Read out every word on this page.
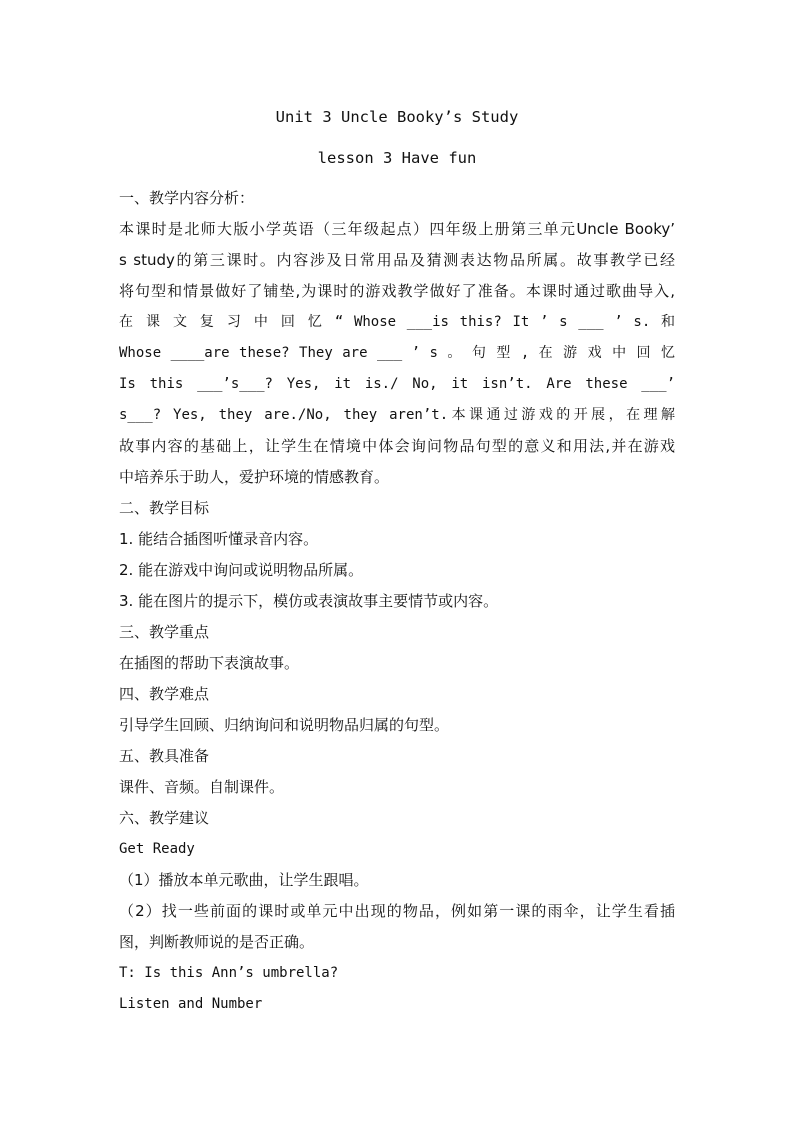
Unit 3 Uncle Booky’s Study
lesson 3 Have fun
一、教学内容分析：
本课时是北师大版小学英语（三年级起点）四年级上册第三单元Uncle Booky’
s study的第三课时。内容涉及日常用品及猜测表达物品所属。故事教学已经
将句型和情景做好了铺垫,为课时的游戏教学做好了准备。本课时通过歌曲导入,
在 课 文 复 习 中 回 忆 “ Whose ___is this? It ’ s ___ ’ s. 和
Whose ____are these? They are ___ ’ s 。 句 型 , 在 游 戏 中 回 忆
Is this ___’s___? Yes, it is./ No, it isn’t. Are these ___’
s___? Yes, they are./No, they aren’t.本课通过游戏的开展，在理解
故事内容的基础上，让学生在情境中体会询问物品句型的意义和用法,并在游戏
中培养乐于助人，爱护环境的情感教育。
二、教学目标
1. 能结合插图听懂录音内容。
2. 能在游戏中询问或说明物品所属。
3. 能在图片的提示下，模仿或表演故事主要情节或内容。
三、教学重点
在插图的帮助下表演故事。
四、教学难点
引导学生回顾、归纳询问和说明物品归属的句型。
五、教具准备
课件、音频。自制课件。
六、教学建议
Get Ready
（1）播放本单元歌曲，让学生跟唱。
（2）找一些前面的课时或单元中出现的物品，例如第一课的雨伞，让学生看插
图，判断教师说的是否正确。
T: Is this Ann’s umbrella?
Listen and Number
